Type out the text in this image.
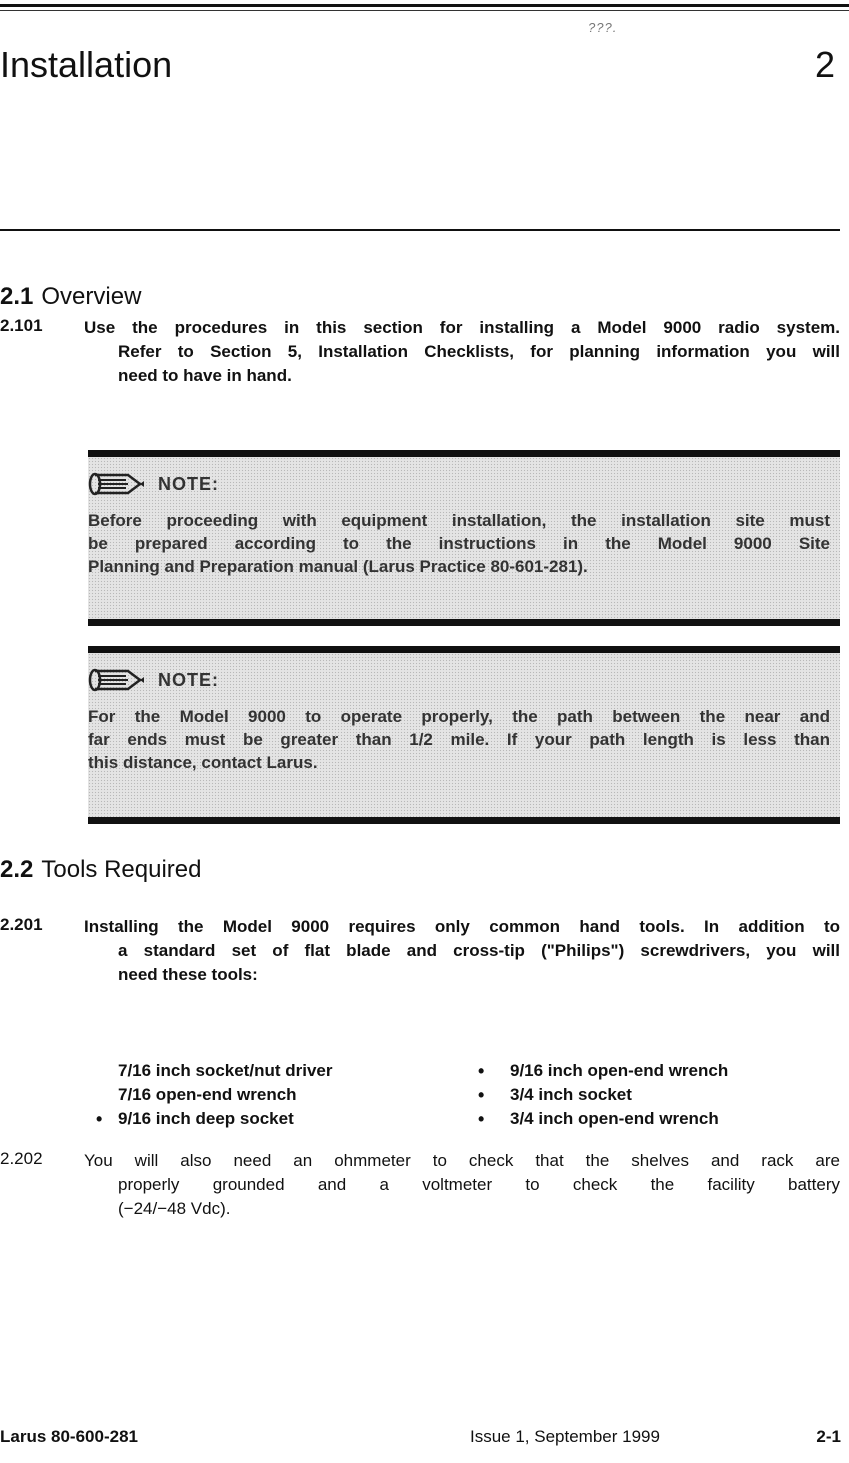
???.
Installation	2
2.1 Overview
2.101 Use the procedures in this section for installing a Model 9000 radio system.
Refer to Section 5, Installation Checklists, for planning information you will
need to have in hand.
NOTE:
Before proceeding with equipment installation, the installation site must
be prepared according to the instructions in the Model 9000 Site
Planning and Preparation manual (Larus Practice 80-601-281).
NOTE:
For the Model 9000 to operate properly, the path between the near and
far ends must be greater than 1/2 mile. If your path length is less than
this distance, contact Larus.
2.2 Tools Required
2.201 Installing the Model 9000 requires only common hand tools. In addition to
a standard set of flat blade and cross-tip ("Philips") screwdrivers, you will
need these tools:
7/16 inch socket/nut driver	• 9/16 inch open-end wrench
7/16 open-end wrench	• 3/4 inch socket
• 9/16 inch deep socket	• 3/4 inch open-end wrench
2.202 You will also need an ohmmeter to check that the shelves and rack are
properly grounded and a voltmeter to check the facility battery
(−24/−48 Vdc).
Larus 80-600-281	Issue 1, September 1999	2-1
